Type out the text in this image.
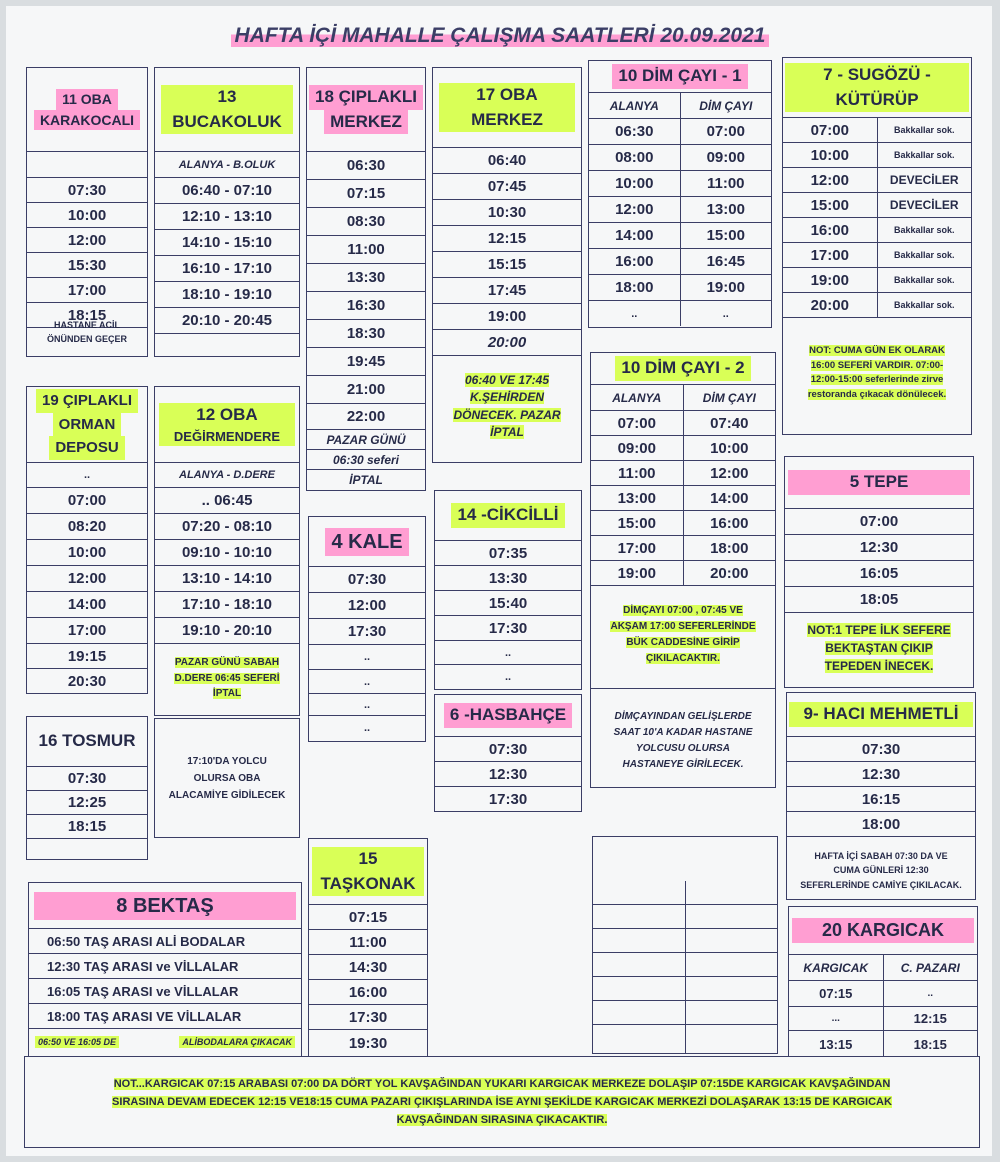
HAFTA İÇİ MAHALLE ÇALIŞMA SAATLERİ 20.09.2021
11 OBA
KARAKOCALI
07:30
10:00
12:00
15:30
17:00
18:15
HASTANE ACİL
ÖNÜNDEN GEÇER
13
BUCAKOLUK
ALANYA - B.OLUK
06:40 - 07:10
12:10 - 13:10
14:10 - 15:10
16:10 - 17:10
18:10 - 19:10
20:10 - 20:45
18 ÇIPLAKLI
MERKEZ
06:30
07:15
08:30
11:00
13:30
16:30
18:30
19:45
21:00
22:00
PAZAR GÜNÜ
06:30 seferi
İPTAL
17 OBA
MERKEZ
06:40
07:45
10:30
12:15
15:15
17:45
19:00
20:00
06:40 VE 17:45
K.ŞEHİRDEN
DÖNECEK. PAZAR
İPTAL
10 DİM ÇAYI - 1
ALANYA	DİM ÇAYI
06:30	07:00
08:00	09:00
10:00	11:00
12:00	13:00
14:00	15:00
16:00	16:45
18:00	19:00
..	..
7 - SUGÖZÜ -
KÜTÜRÜP
07:00	Bakkallar sok.
10:00	Bakkallar sok.
12:00	DEVECİLER
15:00	DEVECİLER
16:00	Bakkallar sok.
17:00	Bakkallar sok.
19:00	Bakkallar sok.
20:00	Bakkallar sok.
NOT: CUMA GÜN EK OLARAK
16:00 SEFERİ VARDIR. 07:00-
12:00-15:00 seferlerinde zirve
restoranda çıkacak dönülecek.
19 ÇIPLAKLI
ORMAN
DEPOSU
..
07:00
08:20
10:00
12:00
14:00
17:00
19:15
20:30
12 OBA
DEĞİRMENDERE
ALANYA - D.DERE
.. 06:45
07:20 - 08:10
09:10 - 10:10
13:10 - 14:10
17:10 - 18:10
19:10 - 20:10
PAZAR GÜNÜ SABAH
D.DERE 06:45 SEFERİ
İPTAL
10 DİM ÇAYI - 2
ALANYA	DİM ÇAYI
07:00	07:40
09:00	10:00
11:00	12:00
13:00	14:00
15:00	16:00
17:00	18:00
19:00	20:00
DİMÇAYI 07:00 , 07:45 VE
AKŞAM 17:00 SEFERLERİNDE
BÜK CADDESİNE GİRİP
ÇIKILACAKTIR.
DİMÇAYINDAN GELİŞLERDE
SAAT 10'A KADAR HASTANE
YOLCUSU OLURSA
HASTANEYE GİRİLECEK.
5 TEPE
07:00
12:30
16:05
18:05
NOT:1 TEPE İLK SEFERE
BEKTAŞTAN ÇIKIP
TEPEDEN İNECEK.
4 KALE
07:30
12:00
17:30
..
..
..
..
14 -CİKCİLLİ
07:35
13:30
15:40
17:30
..
..
6 -HASBAHÇE
07:30
12:30
17:30
9- HACI MEHMETLİ
07:30
12:30
16:15
18:00
HAFTA İÇİ SABAH 07:30 DA VE
CUMA GÜNLERİ 12:30
SEFERLERİNDE CAMİYE ÇIKILACAK.
16 TOSMUR
07:30
12:25
18:15
17:10'DA YOLCU
OLURSA OBA
ALACAMİYE GİDİLECEK
15
TAŞKONAK
07:15
11:00
14:30
16:00
17:30
19:30
8 BEKTAŞ
06:50 TAŞ ARASI ALİ BODALAR
12:30 TAŞ ARASI ve VİLLALAR
16:05 TAŞ ARASI ve VİLLALAR
18:00 TAŞ ARASI VE VİLLALAR
06:50 VE 16:05 DE	ALİBODALARA ÇIKACAK
20 KARGICAK
KARGICAK	C. PAZARI
07:15	..
...	12:15
13:15	18:15
NOT...KARGICAK 07:15 ARABASI 07:00 DA DÖRT YOL KAVŞAĞINDAN YUKARI KARGICAK MERKEZE DOLAŞIP 07:15DE KARGICAK KAVŞAĞINDAN
SIRASINA DEVAM EDECEK 12:15 VE18:15 CUMA PAZARI ÇIKIŞLARINDA İSE AYNI ŞEKİLDE KARGICAK MERKEZİ DOLAŞARAK 13:15 DE KARGICAK
KAVŞAĞINDAN SIRASINA ÇIKACAKTIR.
